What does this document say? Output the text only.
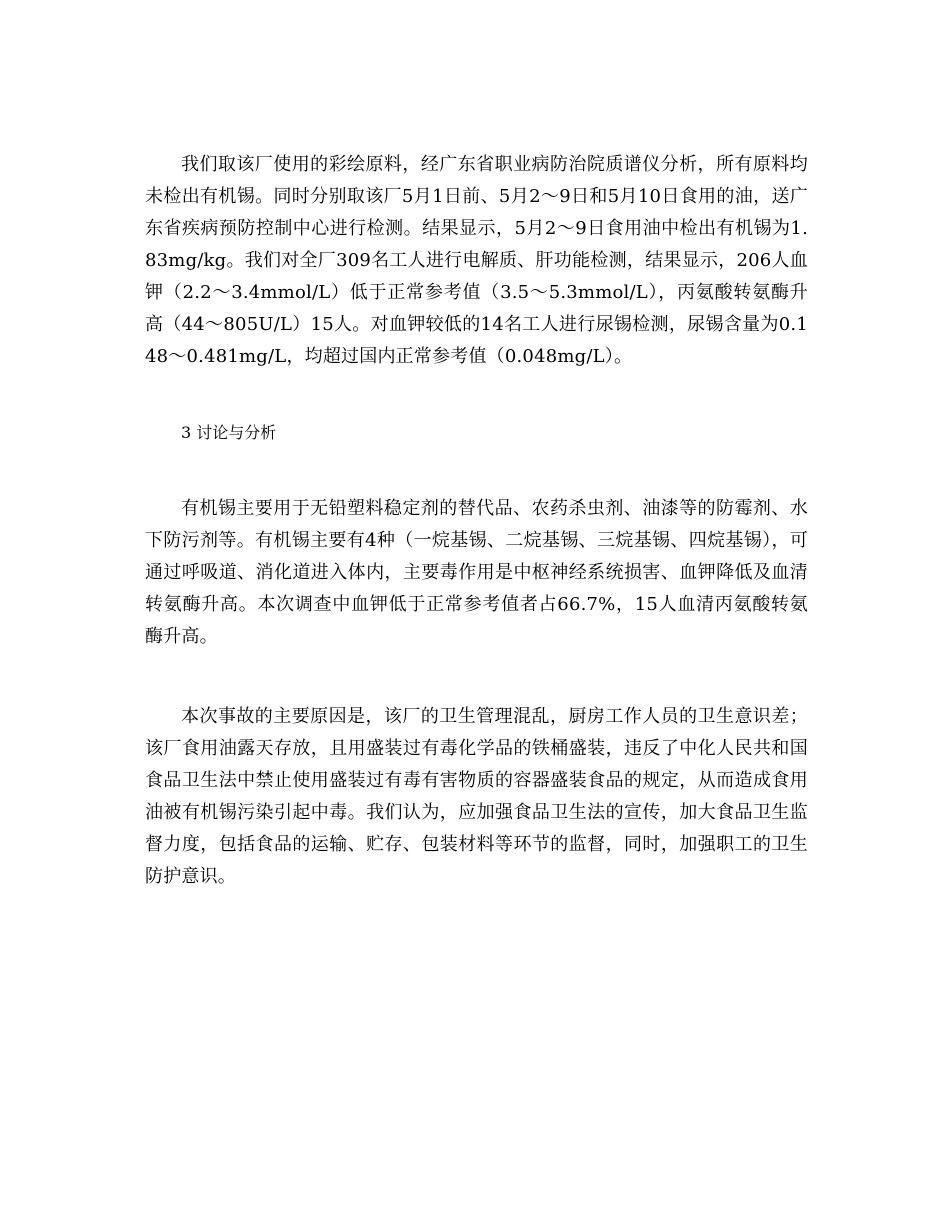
我们取该厂使用的彩绘原料，经广东省职业病防治院质谱仪分析，所有原料均未检出有机锡。同时分别取该厂5月1日前、5月2～9日和5月10日食用的油，送广东省疾病预防控制中心进行检测。结果显示，5月2～9日食用油中检出有机锡为1.83mg/kg。我们对全厂309名工人进行电解质、肝功能检测，结果显示，206人血钾（2.2～3.4mmol/L）低于正常参考值（3.5～5.3mmol/L），丙氨酸转氨酶升高（44～805U/L）15人。对血钾较低的14名工人进行尿锡检测，尿锡含量为0.148～0.481mg/L，均超过国内正常参考值（0.048mg/L）。

3 讨论与分析

有机锡主要用于无铅塑料稳定剂的替代品、农药杀虫剂、油漆等的防霉剂、水下防污剂等。有机锡主要有4种（一烷基锡、二烷基锡、三烷基锡、四烷基锡），可通过呼吸道、消化道进入体内，主要毒作用是中枢神经系统损害、血钾降低及血清转氨酶升高。本次调查中血钾低于正常参考值者占66.7%，15人血清丙氨酸转氨酶升高。

本次事故的主要原因是，该厂的卫生管理混乱，厨房工作人员的卫生意识差；该厂食用油露天存放，且用盛装过有毒化学品的铁桶盛装，违反了中化人民共和国食品卫生法中禁止使用盛装过有毒有害物质的容器盛装食品的规定，从而造成食用油被有机锡污染引起中毒。我们认为，应加强食品卫生法的宣传，加大食品卫生监督力度，包括食品的运输、贮存、包装材料等环节的监督，同时，加强职工的卫生防护意识。
